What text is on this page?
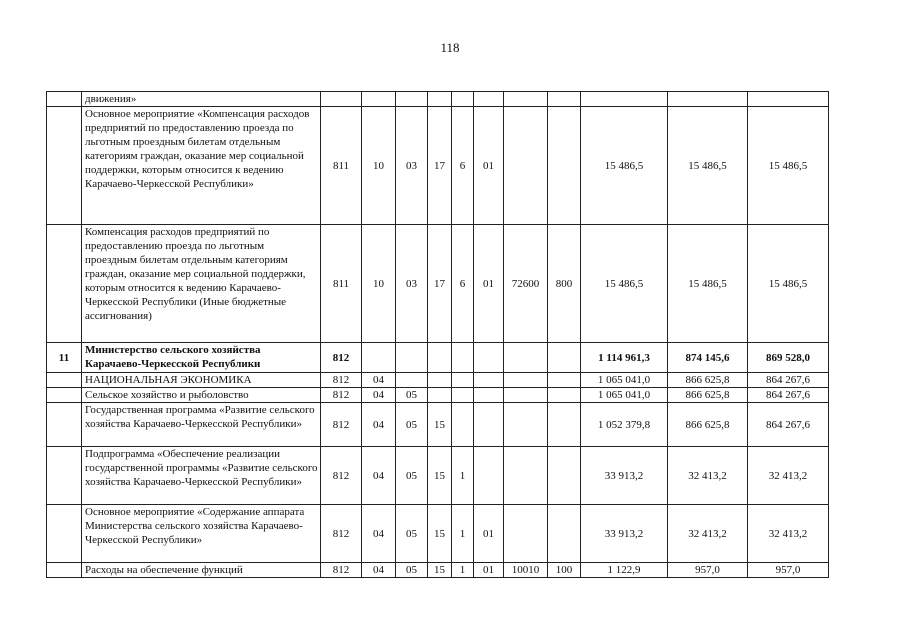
118
	движения»											
	Основное мероприятие «Компенсация расходов предприятий по предоставлению проезда по льготным проездным билетам отдельным категориям граждан, оказание мер социальной поддержки, которым относится к ведению Карачаево-Черкесской Республики»	811	10	03	17	6	01			15 486,5	15 486,5	15 486,5
	Компенсация расходов предприятий по предоставлению проезда по льготным проездным билетам отдельным категориям граждан, оказание мер социальной поддержки, которым относится к ведению Карачаево-Черкесской Республики (Иные бюджетные ассигнования)	811	10	03	17	6	01	72600	800	15 486,5	15 486,5	15 486,5
11	Министерство сельского хозяйства Карачаево-Черкесской Республики	812								1 114 961,3	874 145,6	869 528,0
	НАЦИОНАЛЬНАЯ ЭКОНОМИКА	812	04							1 065 041,0	866 625,8	864 267,6
	Сельское хозяйство и рыболовство	812	04	05						1 065 041,0	866 625,8	864 267,6
	Государственная программа «Развитие сельского хозяйства Карачаево-Черкесской Республики»	812	04	05	15					1 052 379,8	866 625,8	864 267,6
	Подпрограмма «Обеспечение реализации государственной программы «Развитие сельского хозяйства Карачаево-Черкесской Республики»	812	04	05	15	1				33 913,2	32 413,2	32 413,2
	Основное мероприятие «Содержание аппарата Министерства сельского хозяйства Карачаево-Черкесской Республики»	812	04	05	15	1	01			33 913,2	32 413,2	32 413,2
	Расходы на обеспечение функций	812	04	05	15	1	01	10010	100	1 122,9	957,0	957,0
